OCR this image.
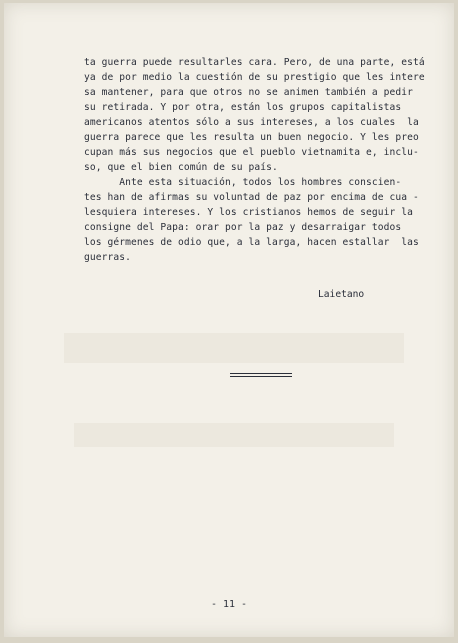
ta guerra puede resultarles cara. Pero, de una parte, está
ya de por medio la cuestión de su prestigio que les intere
sa mantener, para que otros no se animen también a pedir
su retirada. Y por otra, están los grupos capitalistas
americanos atentos sólo a sus intereses, a los cuales  la
guerra parece que les resulta un buen negocio. Y les preo
cupan más sus negocios que el pueblo vietnamita e, inclu-
so, que el bien común de su país.
Ante esta situación, todos los hombres conscien-
tes han de afirmas su voluntad de paz por encima de cua -
lesquiera intereses. Y los cristianos hemos de seguir la
consigne del Papa: orar por la paz y desarraigar todos
los gérmenes de odio que, a la larga, hacen estallar  las
guerras.
Laietano
- 11 -
